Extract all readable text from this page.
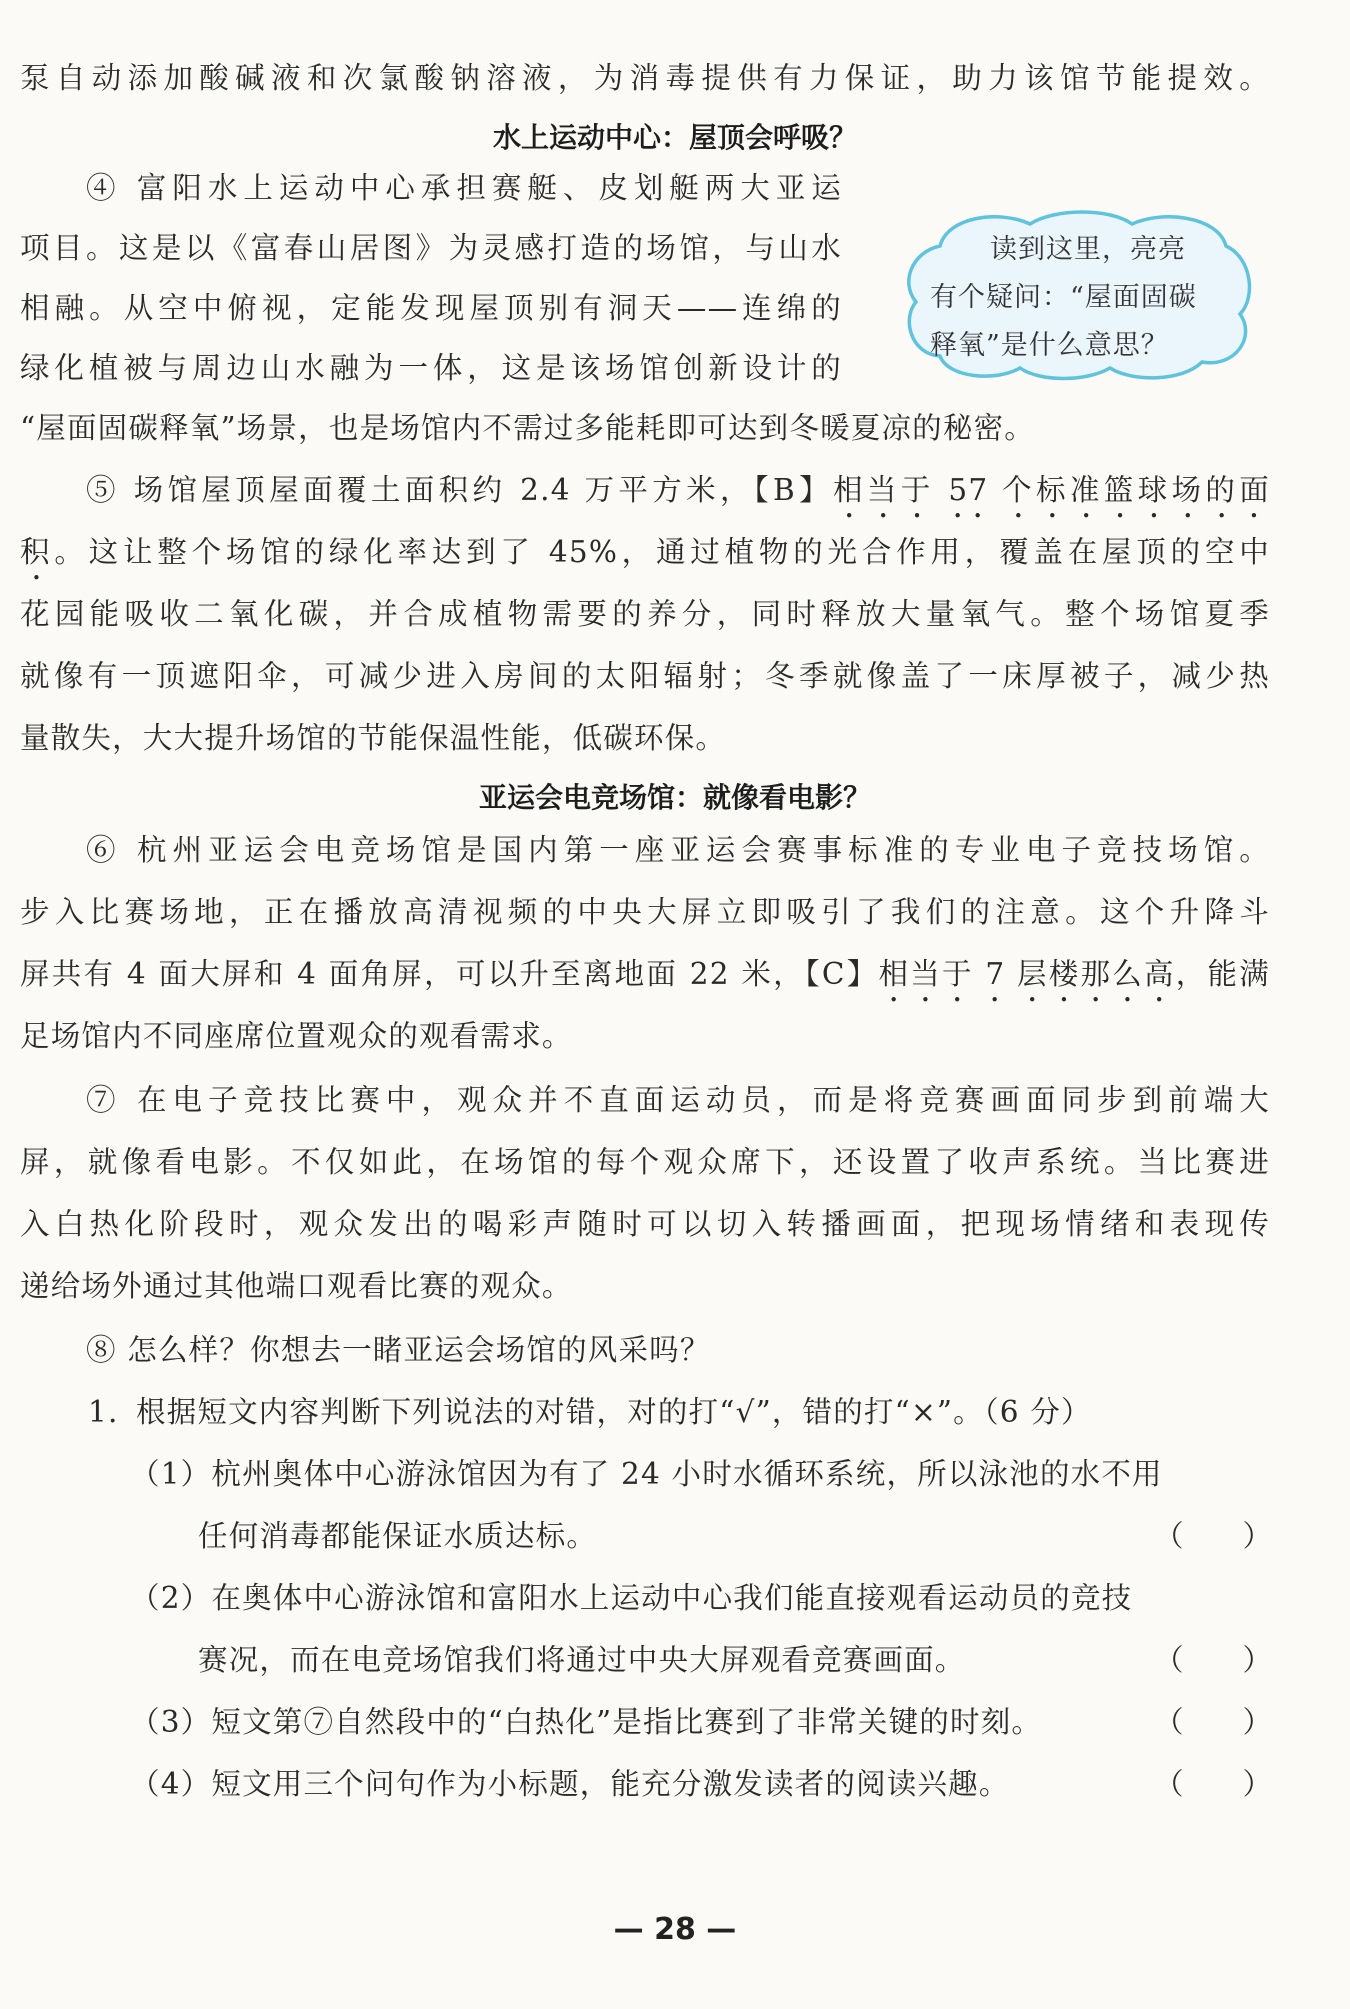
泵自动添加酸碱液和次氯酸钠溶液，为消毒提供有力保证，助力该馆节能提效。
水上运动中心：屋顶会呼吸？
④ 富阳水上运动中心承担赛艇、皮划艇两大亚运
项目。这是以《富春山居图》为灵感打造的场馆，与山水
相融。从空中俯视，定能发现屋顶别有洞天——连绵的
绿化植被与周边山水融为一体，这是该场馆创新设计的
“屋面固碳释氧”场景，也是场馆内不需过多能耗即可达到冬暖夏凉的秘密。
读到这里，亮亮
有个疑问：“屋面固碳
释氧”是什么意思？
⑤ 场馆屋顶屋面覆土面积约 2.4 万平方米，【B】相当于 57 个标准篮球场的面
积。这让整个场馆的绿化率达到了 45%，通过植物的光合作用，覆盖在屋顶的空中
花园能吸收二氧化碳，并合成植物需要的养分，同时释放大量氧气。整个场馆夏季
就像有一顶遮阳伞，可减少进入房间的太阳辐射；冬季就像盖了一床厚被子，减少热
量散失，大大提升场馆的节能保温性能，低碳环保。
亚运会电竞场馆：就像看电影？
⑥ 杭州亚运会电竞场馆是国内第一座亚运会赛事标准的专业电子竞技场馆。
步入比赛场地，正在播放高清视频的中央大屏立即吸引了我们的注意。这个升降斗
屏共有 4 面大屏和 4 面角屏，可以升至离地面 22 米，【C】相当于 7 层楼那么高，能满
足场馆内不同座席位置观众的观看需求。
⑦ 在电子竞技比赛中，观众并不直面运动员，而是将竞赛画面同步到前端大
屏，就像看电影。不仅如此，在场馆的每个观众席下，还设置了收声系统。当比赛进
入白热化阶段时，观众发出的喝彩声随时可以切入转播画面，把现场情绪和表现传
递给场外通过其他端口观看比赛的观众。
⑧ 怎么样？你想去一睹亚运会场馆的风采吗？
1. 根据短文内容判断下列说法的对错，对的打“√”，错的打“×”。（6 分）
（1）杭州奥体中心游泳馆因为有了 24 小时水循环系统，所以泳池的水不用
任何消毒都能保证水质达标。	（　　）
（2）在奥体中心游泳馆和富阳水上运动中心我们能直接观看运动员的竞技
赛况，而在电竞场馆我们将通过中央大屏观看竞赛画面。	（　　）
（3）短文第⑦自然段中的“白热化”是指比赛到了非常关键的时刻。	（　　）
（4）短文用三个问句作为小标题，能充分激发读者的阅读兴趣。	（　　）
— 28 —
